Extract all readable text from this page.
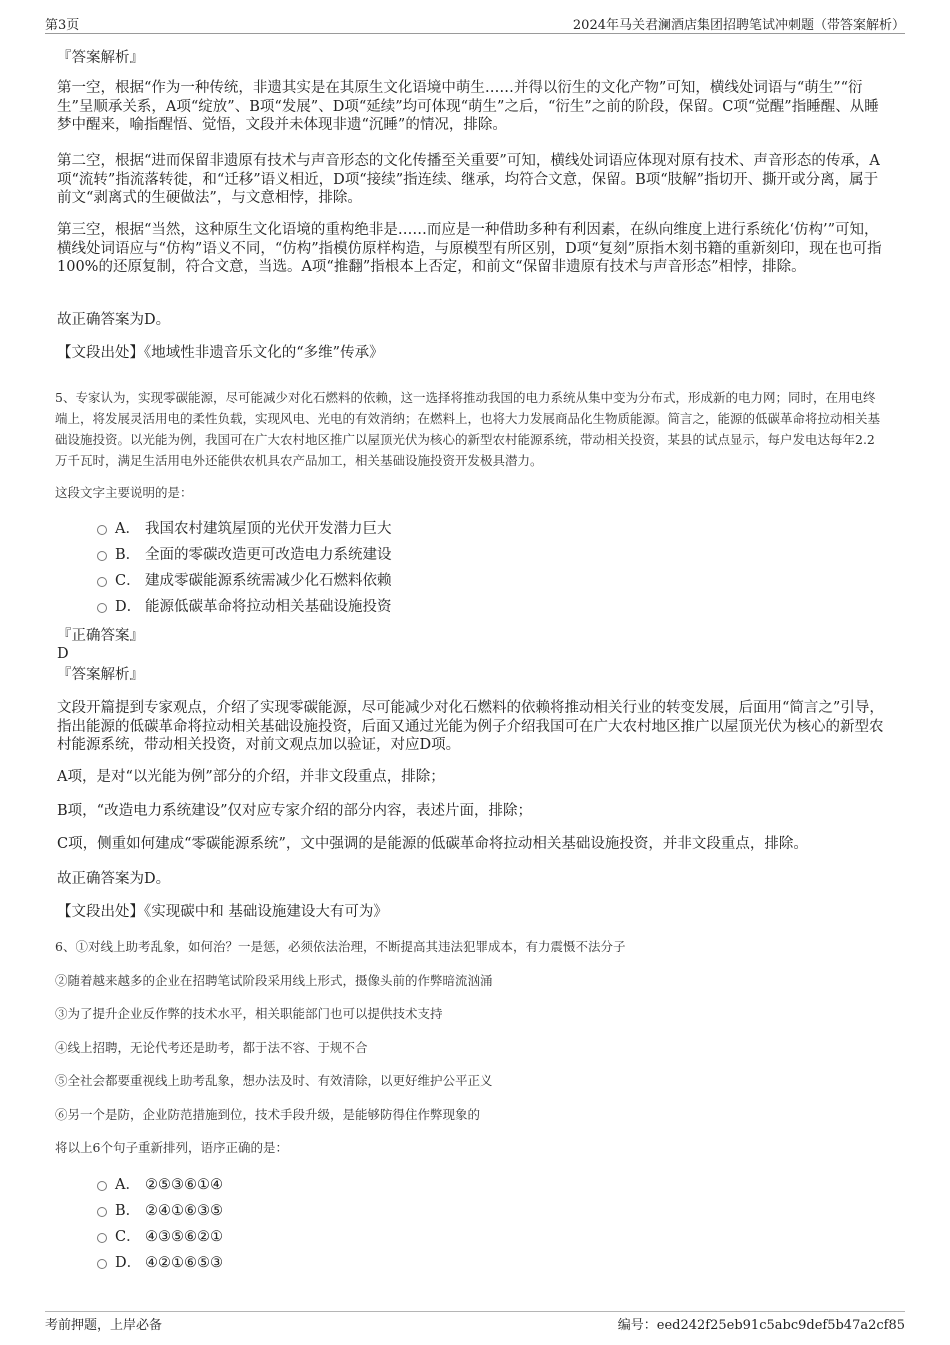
第3页	2024年马关君澜酒店集团招聘笔试冲刺题（带答案解析）
『答案解析』
第一空，根据“作为一种传统，非遗其实是在其原生文化语境中萌生……并得以衍生的文化产物”可知，横线处词语与“萌生”“衍生”呈顺承关系，A项“绽放”、B项“发展”、D项“延续”均可体现“萌生”之后，“衍生”之前的阶段，保留。C项“觉醒”指睡醒、从睡梦中醒来，喻指醒悟、觉悟，文段并未体现非遗“沉睡”的情况，排除。
第二空，根据“进而保留非遗原有技术与声音形态的文化传播至关重要”可知，横线处词语应体现对原有技术、声音形态的传承，A项“流转”指流落转徙，和“迁移”语义相近，D项“接续”指连续、继承，均符合文意，保留。B项“肢解”指切开、撕开或分离，属于前文“剥离式的生硬做法”，与文意相悖，排除。
第三空，根据“当然，这种原生文化语境的重构绝非是……而应是一种借助多种有利因素，在纵向维度上进行系统化‘仿构’”可知，横线处词语应与“仿构”语义不同，“仿构”指模仿原样构造，与原模型有所区别，D项“复刻”原指木刻书籍的重新刻印，现在也可指100%的还原复制，符合文意，当选。A项“推翻”指根本上否定，和前文“保留非遗原有技术与声音形态”相悖，排除。
故正确答案为D。
【文段出处】《地域性非遗音乐文化的“多维”传承》
5、专家认为，实现零碳能源，尽可能减少对化石燃料的依赖，这一选择将推动我国的电力系统从集中变为分布式，形成新的电力网；同时，在用电终端上，将发展灵活用电的柔性负载，实现风电、光电的有效消纳；在燃料上，也将大力发展商品化生物质能源。简言之，能源的低碳革命将拉动相关基础设施投资。以光能为例，我国可在广大农村地区推广以屋顶光伏为核心的新型农村能源系统，带动相关投资，某县的试点显示，每户发电达每年2.2万千瓦时，满足生活用电外还能供农机具农产品加工，相关基础设施投资开发极具潜力。
这段文字主要说明的是：
A． 我国农村建筑屋顶的光伏开发潜力巨大
B． 全面的零碳改造更可改造电力系统建设
C． 建成零碳能源系统需减少化石燃料依赖
D． 能源低碳革命将拉动相关基础设施投资
『正确答案』
D
『答案解析』
文段开篇提到专家观点，介绍了实现零碳能源，尽可能减少对化石燃料的依赖将推动相关行业的转变发展，后面用“简言之”引导，指出能源的低碳革命将拉动相关基础设施投资，后面又通过光能为例子介绍我国可在广大农村地区推广以屋顶光伏为核心的新型农村能源系统，带动相关投资，对前文观点加以验证，对应D项。
A项，是对“以光能为例”部分的介绍，并非文段重点，排除；
B项，“改造电力系统建设”仅对应专家介绍的部分内容，表述片面，排除；
C项，侧重如何建成“零碳能源系统”，文中强调的是能源的低碳革命将拉动相关基础设施投资，并非文段重点，排除。
故正确答案为D。
【文段出处】《实现碳中和 基础设施建设大有可为》
6、①对线上助考乱象，如何治？一是惩，必须依法治理，不断提高其违法犯罪成本，有力震慑不法分子
②随着越来越多的企业在招聘笔试阶段采用线上形式，摄像头前的作弊暗流汹涌
③为了提升企业反作弊的技术水平，相关职能部门也可以提供技术支持
④线上招聘，无论代考还是助考，都于法不容、于规不合
⑤全社会都要重视线上助考乱象，想办法及时、有效清除，以更好维护公平正义
⑥另一个是防，企业防范措施到位，技术手段升级，是能够防得住作弊现象的
将以上6个句子重新排列，语序正确的是：
A． ②⑤③⑥①④
B． ②④①⑥③⑤
C． ④③⑤⑥②①
D． ④②①⑥⑤③
考前押题，上岸必备	编号：eed242f25eb91c5abc9def5b47a2cf85
